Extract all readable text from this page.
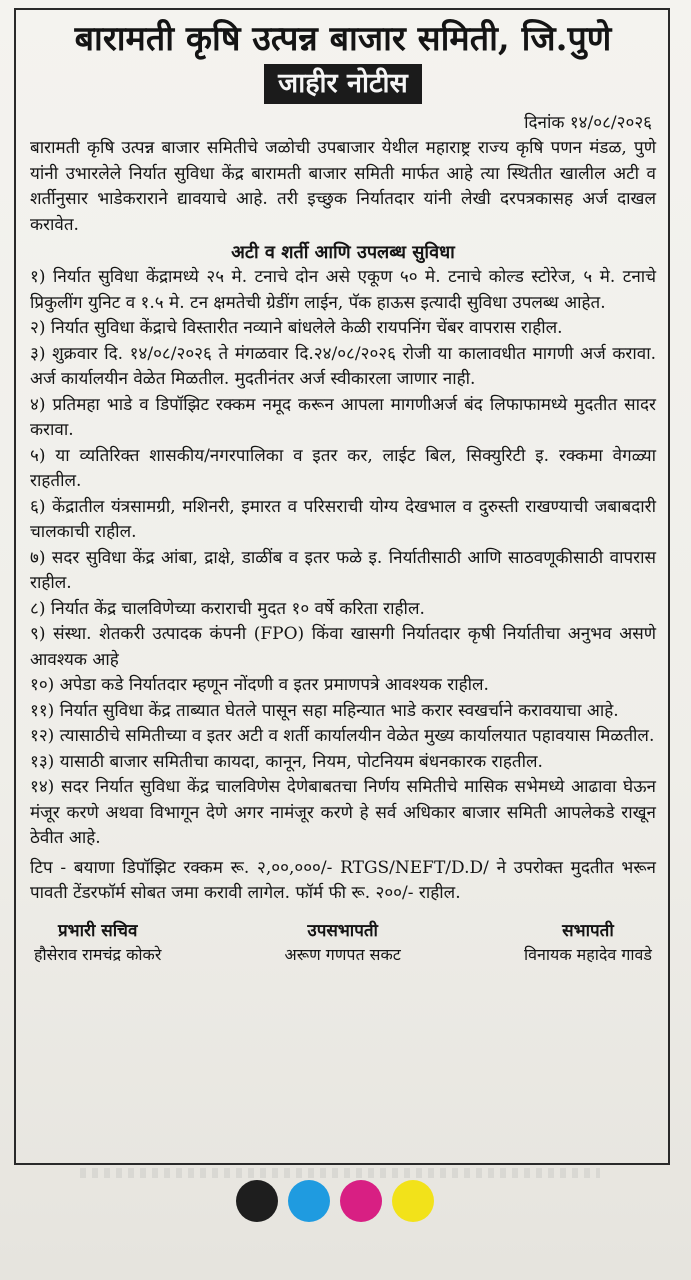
बारामती कृषि उत्पन्न बाजार समिती, जि.पुणे
जाहीर नोटीस
दिनांक १४/०८/२०२६

बारामती कृषि उत्पन्न बाजार समितीचे जळोची उपबाजार येथील महाराष्ट्र राज्य कृषि पणन मंडळ, पुणे यांनी उभारलेले निर्यात सुविधा केंद्र बारामती बाजार समिती मार्फत आहे त्या स्थितीत खालील अटी व शर्तीनुसार भाडेकराराने द्यावयाचे आहे. तरी इच्छुक निर्यातदार यांनी लेखी दरपत्रकासह अर्ज दाखल करावेत.

अटी व शर्ती आणि उपलब्ध सुविधा

१) निर्यात सुविधा केंद्रामध्ये २५ मे. टनाचे दोन असे एकूण ५० मे. टनाचे कोल्ड स्टोरेज, ५ मे. टनाचे प्रिकुलींग युनिट व १.५ मे. टन क्षमतेची ग्रेडींग लाईन, पॅक हाऊस इत्यादी सुविधा उपलब्ध आहेत.

२) निर्यात सुविधा केंद्राचे विस्तारीत नव्याने बांधलेले केळी रायपनिंग चेंबर वापरास राहील.

३) शुक्रवार दि. १४/०८/२०२६ ते मंगळवार दि.२४/०८/२०२६ रोजी या कालावधीत मागणी अर्ज करावा. अर्ज कार्यालयीन वेळेत मिळतील. मुदतीनंतर अर्ज स्वीकारला जाणार नाही.

४) प्रतिमहा भाडे व डिपॉझिट रक्कम नमूद करून आपला मागणीअर्ज बंद लिफाफामध्ये मुदतीत सादर करावा.

५) या व्यतिरिक्त शासकीय/नगरपालिका व इतर कर, लाईट बिल, सिक्युरिटी इ. रक्कमा वेगळ्या राहतील.

६) केंद्रातील यंत्रसामग्री, मशिनरी, इमारत व परिसराची योग्य देखभाल व दुरुस्ती राखण्याची जबाबदारी चालकाची राहील.

७) सदर सुविधा केंद्र आंबा, द्राक्षे, डाळींब व इतर फळे इ. निर्यातीसाठी आणि साठवणूकीसाठी वापरास राहील.

८) निर्यात केंद्र चालविणेच्या कराराची मुदत १० वर्षे करिता राहील.

९) संस्था. शेतकरी उत्पादक कंपनी (FPO) किंवा खासगी निर्यातदार कृषी निर्यातीचा अनुभव असणे आवश्यक आहे

१०) अपेडा कडे निर्यातदार म्हणून नोंदणी व इतर प्रमाणपत्रे आवश्यक राहील.

११) निर्यात सुविधा केंद्र ताब्यात घेतले पासून सहा महिन्यात भाडे करार स्वखर्चाने करावयाचा आहे.

१२) त्यासाठीचे समितीच्या व इतर अटी व शर्ती कार्यालयीन वेळेत मुख्य कार्यालयात पहावयास मिळतील.

१३) यासाठी बाजार समितीचा कायदा, कानून, नियम, पोटनियम बंधनकारक राहतील.

१४) सदर निर्यात सुविधा केंद्र चालविणेस देणेबाबतचा निर्णय समितीचे मासिक सभेमध्ये आढावा घेऊन मंजूर करणे अथवा विभागून देणे अगर नामंजूर करणे हे सर्व अधिकार बाजार समिती आपलेकडे राखून ठेवीत आहे.

टिप - बयाणा डिपॉझिट रक्कम रू. २,००,०००/- RTGS/NEFT/D.D/ ने उपरोक्त मुदतीत भरून पावती टेंडरफॉर्म सोबत जमा करावी लागेल. फॉर्म फी रू. २००/- राहील.

प्रभारी सचिव
हौसेराव रामचंद्र कोकरे
उपसभापती
अरूण गणपत सकट
सभापती
विनायक महादेव गावडे
